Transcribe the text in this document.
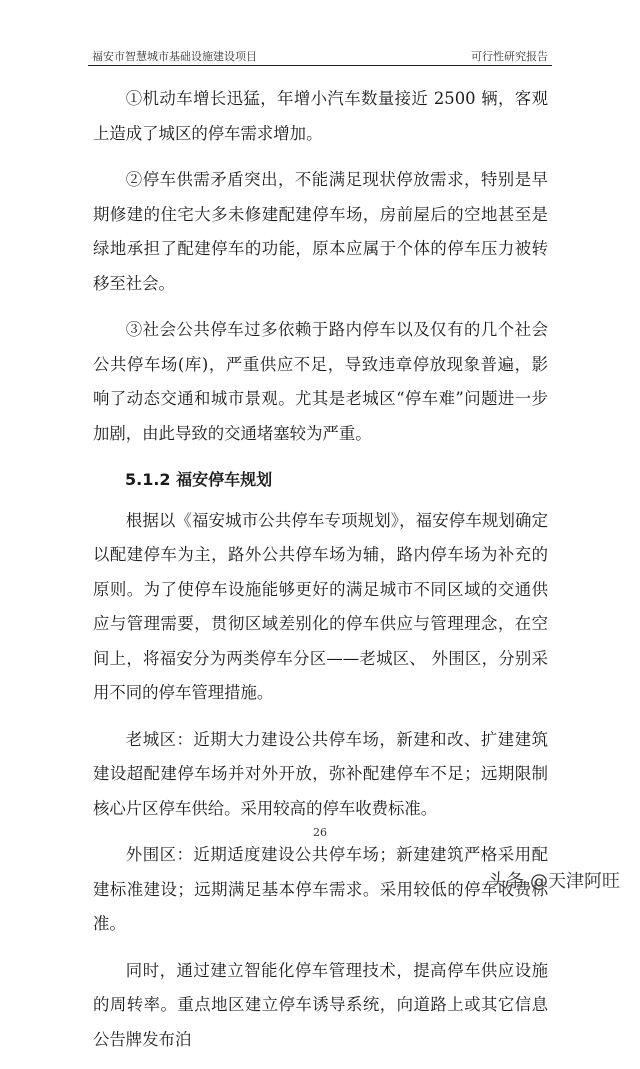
福安市智慧城市基础设施建设项目	可行性研究报告

①机动车增长迅猛，年增小汽车数量接近 2500 辆，客观上造成了城区的停车需求增加。

②停车供需矛盾突出，不能满足现状停放需求，特别是早期修建的住宅大多未修建配建停车场，房前屋后的空地甚至是绿地承担了配建停车的功能，原本应属于个体的停车压力被转移至社会。

③社会公共停车过多依赖于路内停车以及仅有的几个社会公共停车场(库)，严重供应不足，导致违章停放现象普遍，影响了动态交通和城市景观。尤其是老城区“停车难”问题进一步加剧，由此导致的交通堵塞较为严重。

5.1.2 福安停车规划

根据以《福安城市公共停车专项规划》，福安停车规划确定以配建停车为主，路外公共停车场为辅，路内停车场为补充的原则。为了使停车设施能够更好的满足城市不同区域的交通供应与管理需要，贯彻区域差别化的停车供应与管理理念，在空间上，将福安分为两类停车分区——老城区、 外围区，分别采用不同的停车管理措施。

老城区：近期大力建设公共停车场，新建和改、扩建建筑建设超配建停车场并对外开放，弥补配建停车不足；远期限制核心片区停车供给。采用较高的停车收费标准。

外围区：近期适度建设公共停车场；新建建筑严格采用配建标准建设；远期满足基本停车需求。采用较低的停车收费标准。

同时，通过建立智能化停车管理技术，提高停车供应设施的周转率。重点地区建立停车诱导系统，向道路上或其它信息公告牌发布泊

26
头条 @天津阿旺
